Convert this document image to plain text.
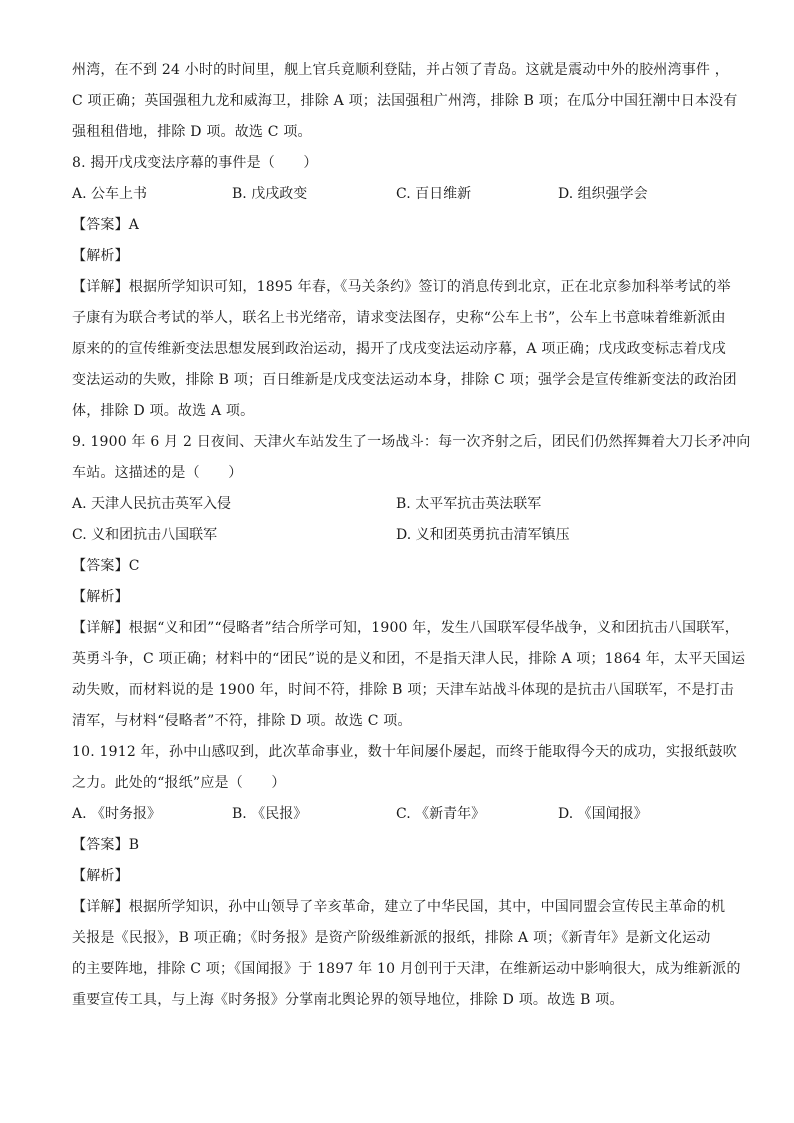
州湾，在不到 24 小时的时间里，舰上官兵竟顺利登陆，并占领了青岛。这就是震动中外的胶州湾事件 ，
C 项正确；英国强租九龙和威海卫，排除 A 项；法国强租广州湾，排除 B 项；在瓜分中国狂潮中日本没有
强租租借地，排除 D 项。故选 C 项。
8. 揭开戊戌变法序幕的事件是（　　）
A. 公车上书	B. 戊戌政变	C. 百日维新	D. 组织强学会
【答案】A
【解析】
【详解】根据所学知识可知，1895 年春，《马关条约》签订的消息传到北京，正在北京参加科举考试的举
子康有为联合考试的举人，联名上书光绪帝，请求变法图存，史称“公车上书”，公车上书意味着维新派由
原来的的宣传维新变法思想发展到政治运动，揭开了戊戌变法运动序幕，A 项正确；戊戌政变标志着戊戌
变法运动的失败，排除 B 项；百日维新是戊戌变法运动本身，排除 C 项；强学会是宣传维新变法的政治团
体，排除 D 项。故选 A 项。
9. 1900 年 6 月 2 日夜间、天津火车站发生了一场战斗：每一次齐射之后，团民们仍然挥舞着大刀长矛冲向
车站。这描述的是（　　）
A. 天津人民抗击英军入侵	B. 太平军抗击英法联军
C. 义和团抗击八国联军	D. 义和团英勇抗击清军镇压
【答案】C
【解析】
【详解】根据“义和团”“侵略者”结合所学可知，1900 年，发生八国联军侵华战争，义和团抗击八国联军，
英勇斗争，C 项正确；材料中的“团民”说的是义和团，不是指天津人民，排除 A 项；1864 年，太平天国运
动失败，而材料说的是 1900 年，时间不符，排除 B 项；天津车站战斗体现的是抗击八国联军，不是打击
清军，与材料“侵略者”不符，排除 D 项。故选 C 项。
10. 1912 年，孙中山感叹到，此次革命事业，数十年间屡仆屡起，而终于能取得今天的成功，实报纸鼓吹
之力。此处的“报纸”应是（　　）
A. 《时务报》	B. 《民报》	C. 《新青年》	D. 《国闻报》
【答案】B
【解析】
【详解】根据所学知识，孙中山领导了辛亥革命，建立了中华民国，其中，中国同盟会宣传民主革命的机
关报是《民报》，B 项正确；《时务报》是资产阶级维新派的报纸，排除 A 项；《新青年》是新文化运动
的主要阵地，排除 C 项；《国闻报》于 1897 年 10 月创刊于天津，在维新运动中影响很大，成为维新派的
重要宣传工具，与上海《时务报》分掌南北舆论界的领导地位，排除 D 项。故选 B 项。
